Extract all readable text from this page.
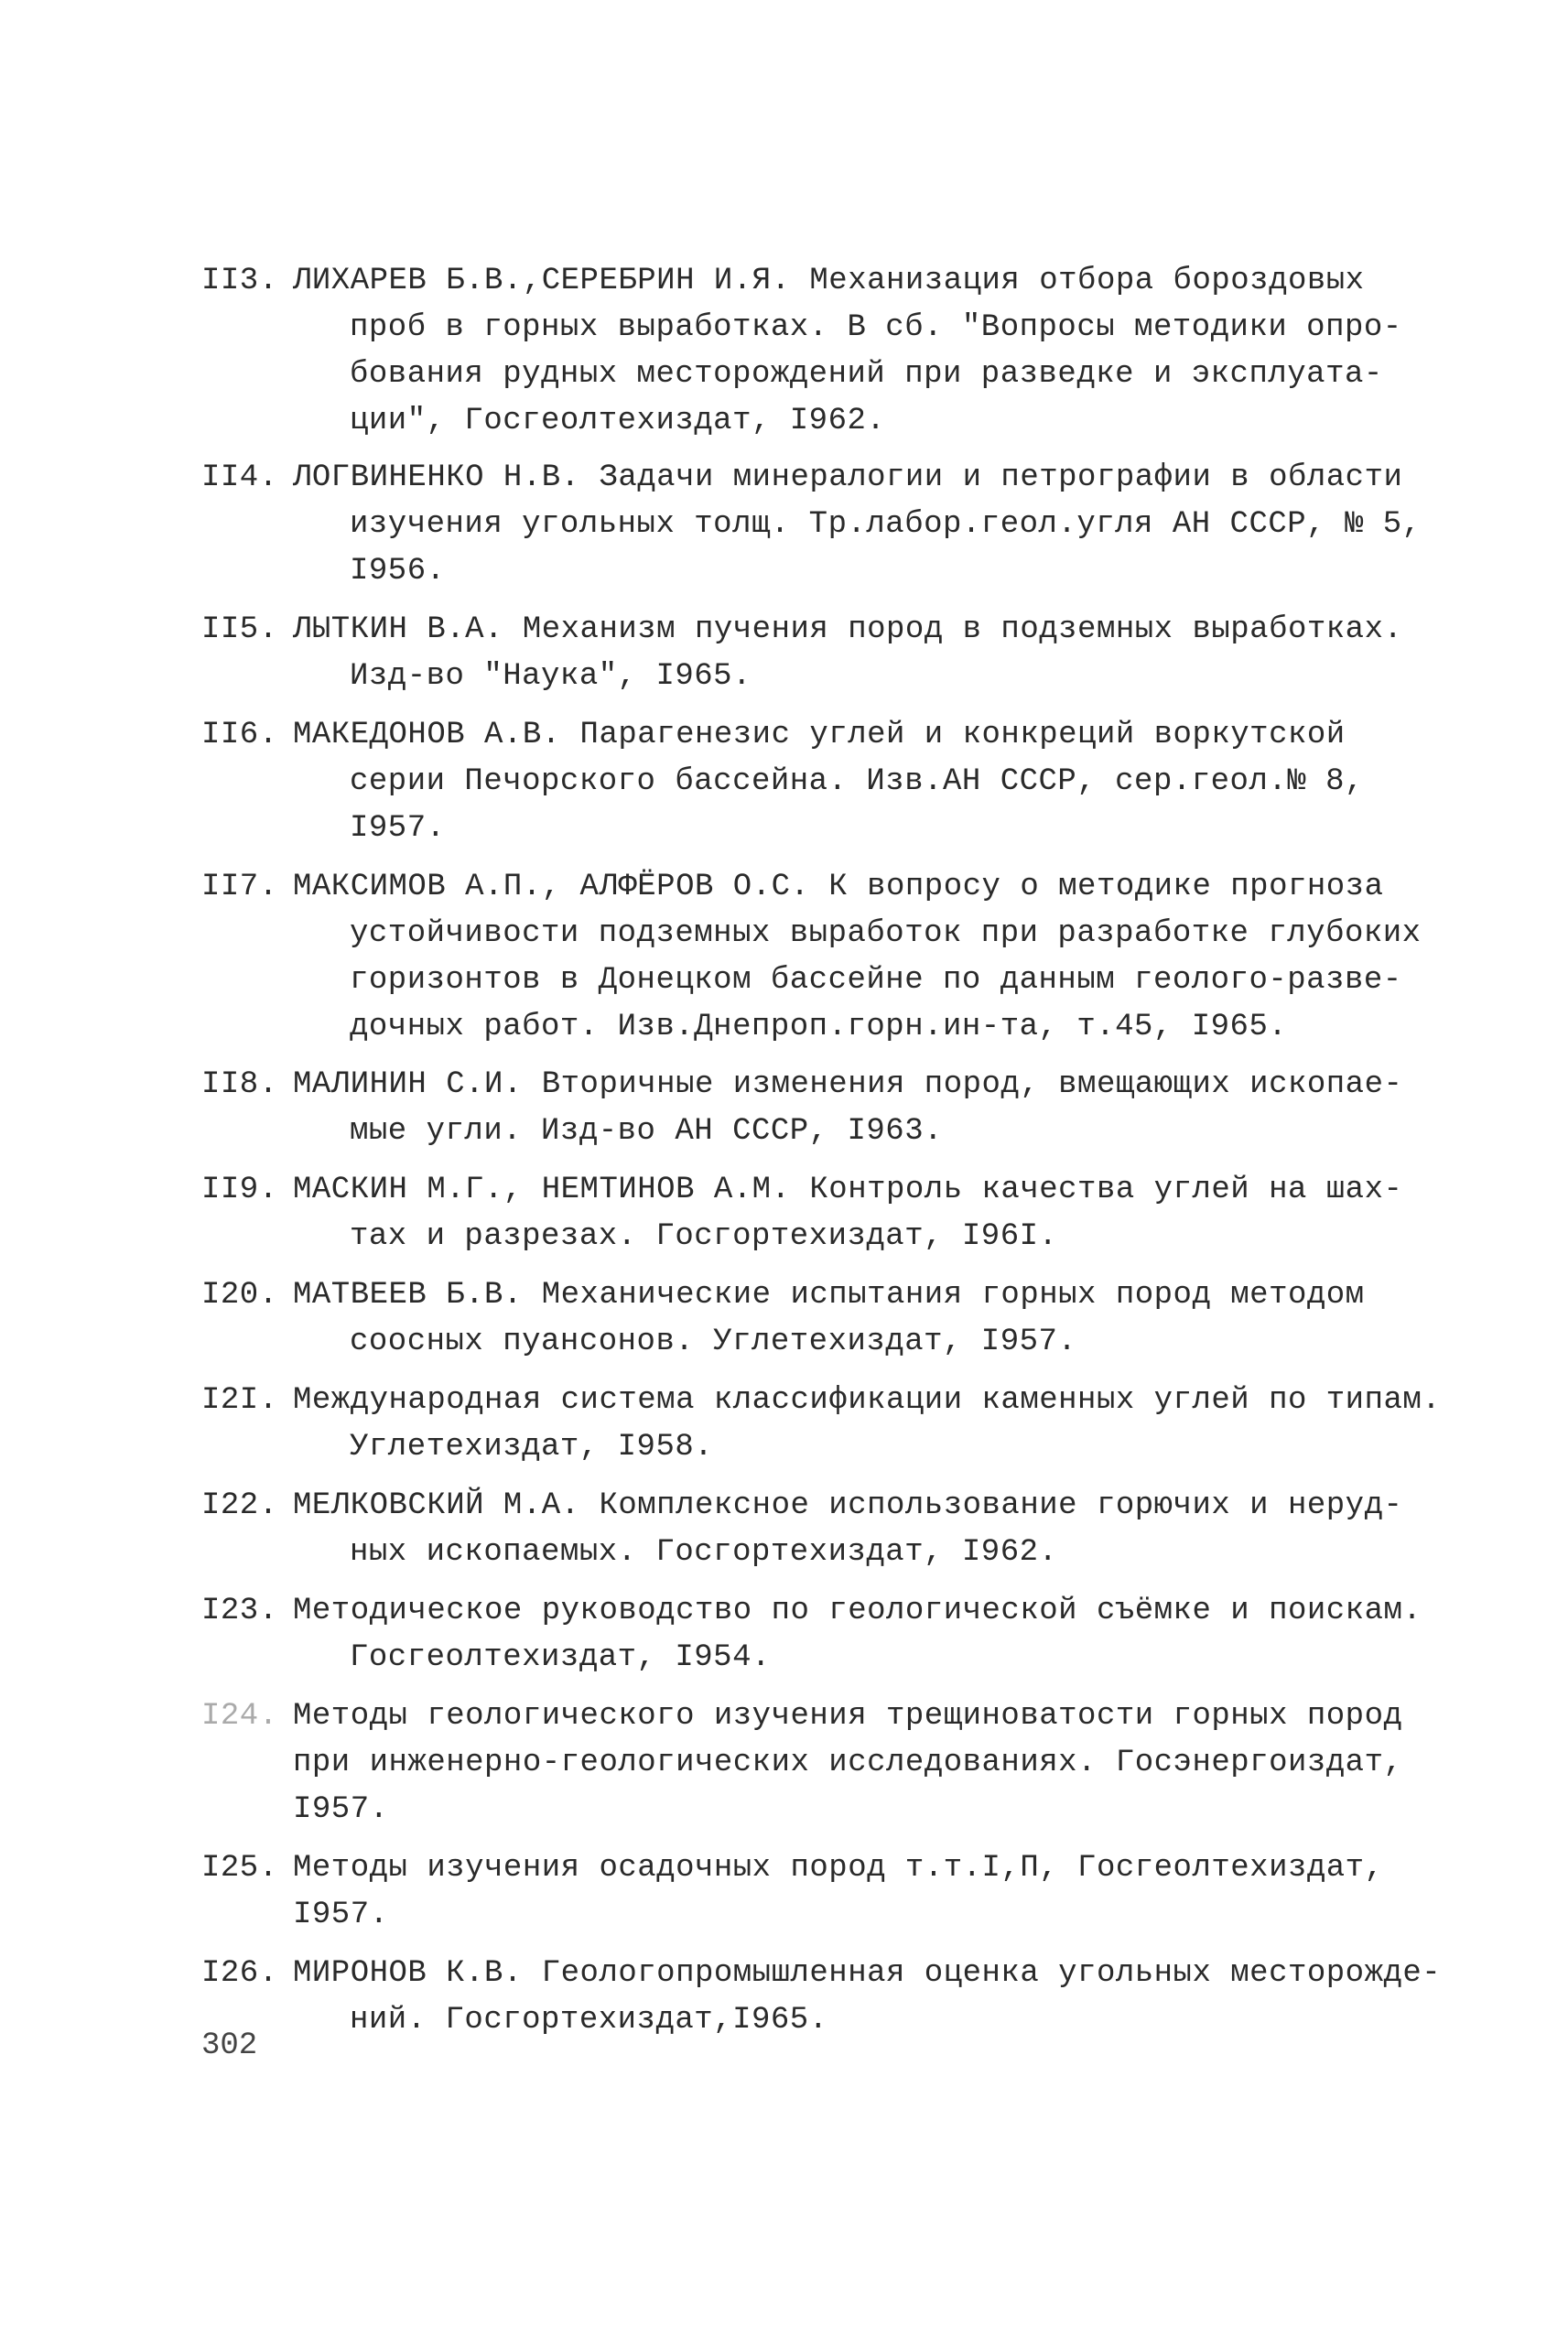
II3. ЛИХАРЕВ Б.В.,СЕРЕБРИН И.Я. Механизация отбора бороздовых
проб в горных выработках. В сб. "Вопросы методики опро-
бования рудных месторождений при разведке и эксплуата-
ции", Госгеолтехиздат, I962.
II4. ЛОГВИНЕНКО Н.В. Задачи минералогии и петрографии в области
изучения угольных толщ. Тр.лабор.геол.угля АН СССР, № 5,
I956.
II5. ЛЫТКИН В.А. Механизм пучения пород в подземных выработках.
Изд-во "Наука", I965.
II6. МАКЕДОНОВ А.В. Парагенезис углей и конкреций воркутской
серии Печорского бассейна. Изв.АН СССР, сер.геол.№ 8,
I957.
II7. МАКСИМОВ А.П., АЛФЁРОВ О.С. К вопросу о методике прогноза
устойчивости подземных выработок при разработке глубоких
горизонтов в Донецком бассейне по данным геолого-разве-
дочных работ. Изв.Днепроп.горн.ин-та, т.45, I965.
II8. МАЛИНИН С.И. Вторичные изменения пород, вмещающих ископае-
мые угли. Изд-во АН СССР, I963.
II9. МАСКИН М.Г., НЕМТИНОВ А.М. Контроль качества углей на шах-
тах и разрезах. Госгортехиздат, I96I.
I20. МАТВЕЕВ Б.В. Механические испытания горных пород методом
соосных пуансонов. Углетехиздат, I957.
I2I. Международная система классификации каменных углей по типам.
Углетехиздат, I958.
I22. МЕЛКОВСКИЙ М.А. Комплексное использование горючих и неруд-
ных ископаемых. Госгортехиздат, I962.
I23. Методическое руководство по геологической съёмке и поискам.
Госгеолтехиздат, I954.
I24. Методы геологического изучения трещиноватости горных пород
при инженерно-геологических исследованиях. Госэнергоиздат,
I957.
I25. Методы изучения осадочных пород т.т.I,П, Госгеолтехиздат,
I957.
I26. МИРОНОВ К.В. Геологопромышленная оценка угольных месторожде-
ний. Госгортехиздат,I965.
302
